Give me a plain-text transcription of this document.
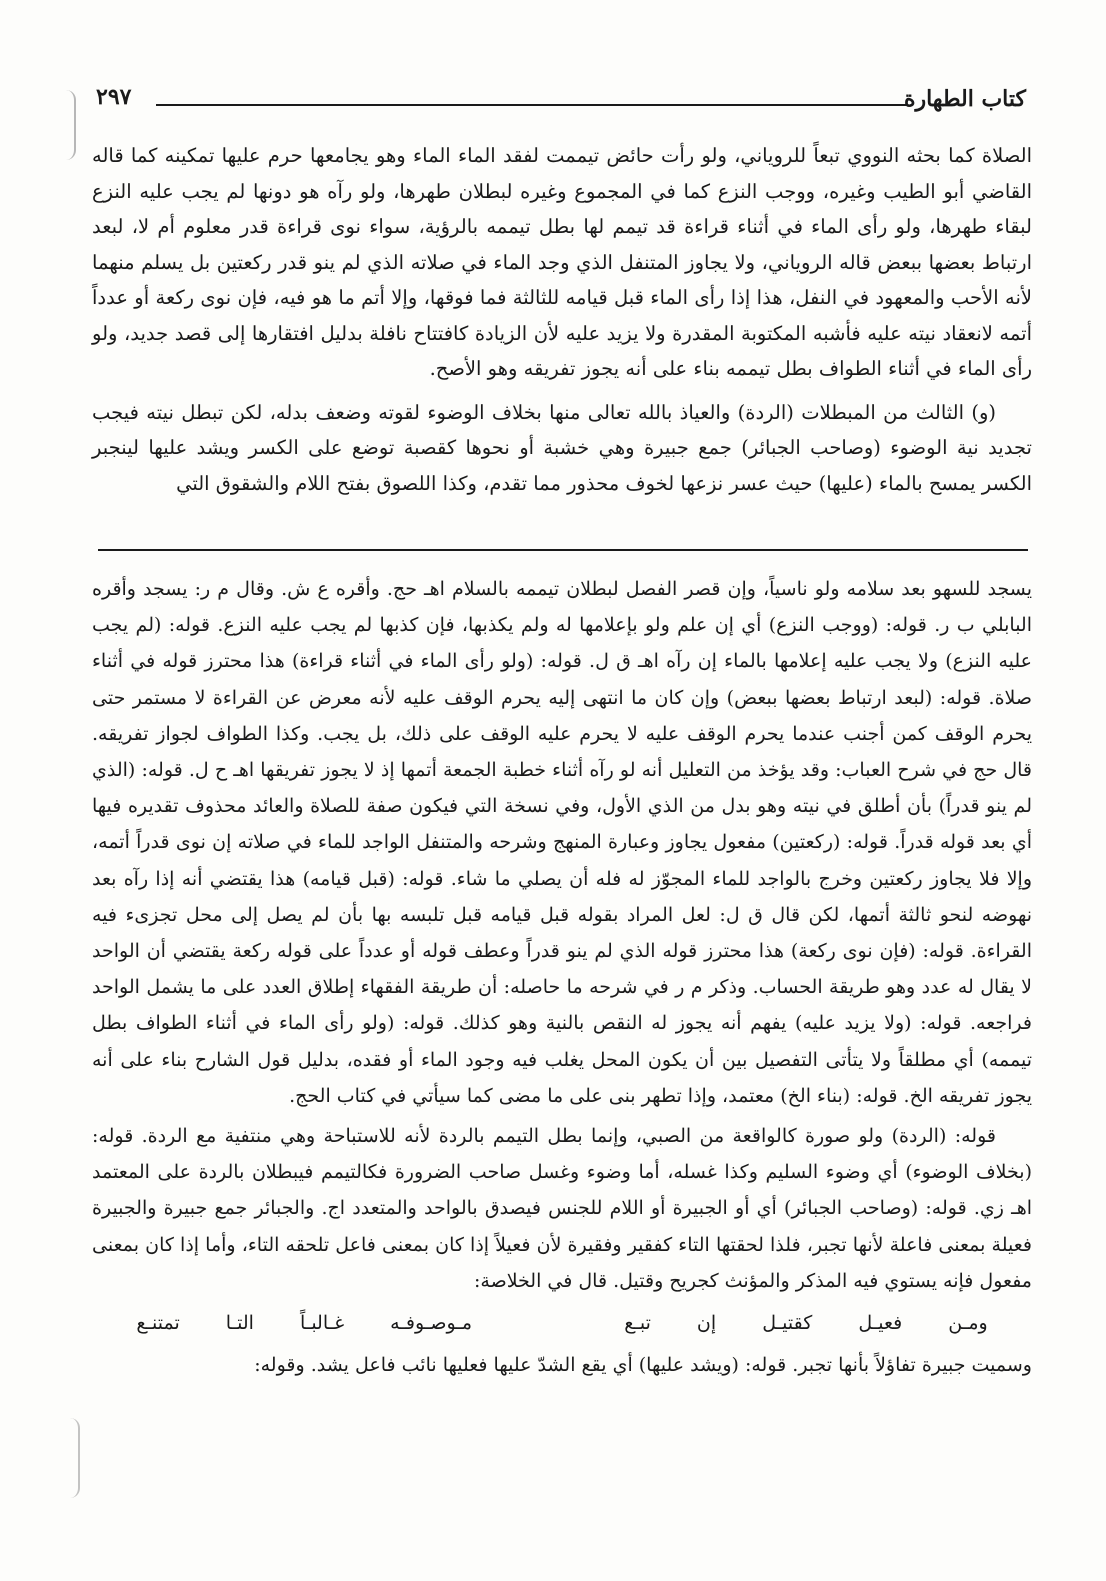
كتاب الطهارة
٢٩٧

الصلاة كما بحثه النووي تبعاً للروياني، ولو رأت حائض تيممت لفقد الماء الماء وهو يجامعها حرم عليها تمكينه كما قاله القاضي أبو الطيب وغيره، ووجب النزع كما في المجموع وغيره لبطلان طهرها، ولو رآه هو دونها لم يجب عليه النزع لبقاء طهرها، ولو رأى الماء في أثناء قراءة قد تيمم لها بطل تيممه بالرؤية، سواء نوى قراءة قدر معلوم أم لا، لبعد ارتباط بعضها ببعض قاله الروياني، ولا يجاوز المتنفل الذي وجد الماء في صلاته الذي لم ينو قدر ركعتين بل يسلم منهما لأنه الأحب والمعهود في النفل، هذا إذا رأى الماء قبل قيامه للثالثة فما فوقها، وإلا أتم ما هو فيه، فإن نوى ركعة أو عدداً أتمه لانعقاد نيته عليه فأشبه المكتوبة المقدرة ولا يزيد عليه لأن الزيادة كافتتاح نافلة بدليل افتقارها إلى قصد جديد، ولو رأى الماء في أثناء الطواف بطل تيممه بناء على أنه يجوز تفريقه وهو الأصح.

(و) الثالث من المبطلات (الردة) والعياذ بالله تعالى منها بخلاف الوضوء لقوته وضعف بدله، لكن تبطل نيته فيجب تجديد نية الوضوء (وصاحب الجبائر) جمع جبيرة وهي خشبة أو نحوها كقصبة توضع على الكسر ويشد عليها لينجبر الكسر يمسح بالماء (عليها) حيث عسر نزعها لخوف محذور مما تقدم، وكذا اللصوق بفتح اللام والشقوق التي

يسجد للسهو بعد سلامه ولو ناسياً، وإن قصر الفصل لبطلان تيممه بالسلام اهـ حج. وأقره ع ش. وقال م ر: يسجد وأقره البابلي ب ر. قوله: (ووجب النزع) أي إن علم ولو بإعلامها له ولم يكذبها، فإن كذبها لم يجب عليه النزع. قوله: (لم يجب عليه النزع) ولا يجب عليه إعلامها بالماء إن رآه اهـ ق ل. قوله: (ولو رأى الماء في أثناء قراءة) هذا محترز قوله في أثناء صلاة. قوله: (لبعد ارتباط بعضها ببعض) وإن كان ما انتهى إليه يحرم الوقف عليه لأنه معرض عن القراءة لا مستمر حتى يحرم الوقف كمن أجنب عندما يحرم الوقف عليه لا يحرم عليه الوقف على ذلك، بل يجب. وكذا الطواف لجواز تفريقه. قال حج في شرح العباب: وقد يؤخذ من التعليل أنه لو رآه أثناء خطبة الجمعة أتمها إذ لا يجوز تفريقها اهـ ح ل. قوله: (الذي لم ينو قدراً) بأن أطلق في نيته وهو بدل من الذي الأول، وفي نسخة التي فيكون صفة للصلاة والعائد محذوف تقديره فيها أي بعد قوله قدراً. قوله: (ركعتين) مفعول يجاوز وعبارة المنهج وشرحه والمتنفل الواجد للماء في صلاته إن نوى قدراً أتمه، وإلا فلا يجاوز ركعتين وخرج بالواجد للماء المجوّز له فله أن يصلي ما شاء. قوله: (قبل قيامه) هذا يقتضي أنه إذا رآه بعد نهوضه لنحو ثالثة أتمها، لكن قال ق ل: لعل المراد بقوله قبل قيامه قبل تلبسه بها بأن لم يصل إلى محل تجزىء فيه القراءة. قوله: (فإن نوى ركعة) هذا محترز قوله الذي لم ينو قدراً وعطف قوله أو عدداً على قوله ركعة يقتضي أن الواحد لا يقال له عدد وهو طريقة الحساب. وذكر م ر في شرحه ما حاصله: أن طريقة الفقهاء إطلاق العدد على ما يشمل الواحد فراجعه. قوله: (ولا يزيد عليه) يفهم أنه يجوز له النقص بالنية وهو كذلك. قوله: (ولو رأى الماء في أثناء الطواف بطل تيممه) أي مطلقاً ولا يتأتى التفصيل بين أن يكون المحل يغلب فيه وجود الماء أو فقده، بدليل قول الشارح بناء على أنه يجوز تفريقه الخ. قوله: (بناء الخ) معتمد، وإذا تطهر بنى على ما مضى كما سيأتي في كتاب الحج.

قوله: (الردة) ولو صورة كالواقعة من الصبي، وإنما بطل التيمم بالردة لأنه للاستباحة وهي منتفية مع الردة. قوله: (بخلاف الوضوء) أي وضوء السليم وكذا غسله، أما وضوء وغسل صاحب الضرورة فكالتيمم فيبطلان بالردة على المعتمد اهـ زي. قوله: (وصاحب الجبائر) أي أو الجبيرة أو اللام للجنس فيصدق بالواحد والمتعدد اج. والجبائر جمع جبيرة والجبيرة فعيلة بمعنى فاعلة لأنها تجبر، فلذا لحقتها التاء كفقير وفقيرة لأن فعيلاً إذا كان بمعنى فاعل تلحقه التاء، وأما إذا كان بمعنى مفعول فإنه يستوي فيه المذكر والمؤنث كجريح وقتيل. قال في الخلاصة:

ومـن فعيـل كقتيـل إن تبـع  مـوصـوفـه غـالبـاً التـا تمتنـع

وسميت جبيرة تفاؤلاً بأنها تجبر. قوله: (ويشد عليها) أي يقع الشدّ عليها فعليها نائب فاعل يشد. وقوله:
